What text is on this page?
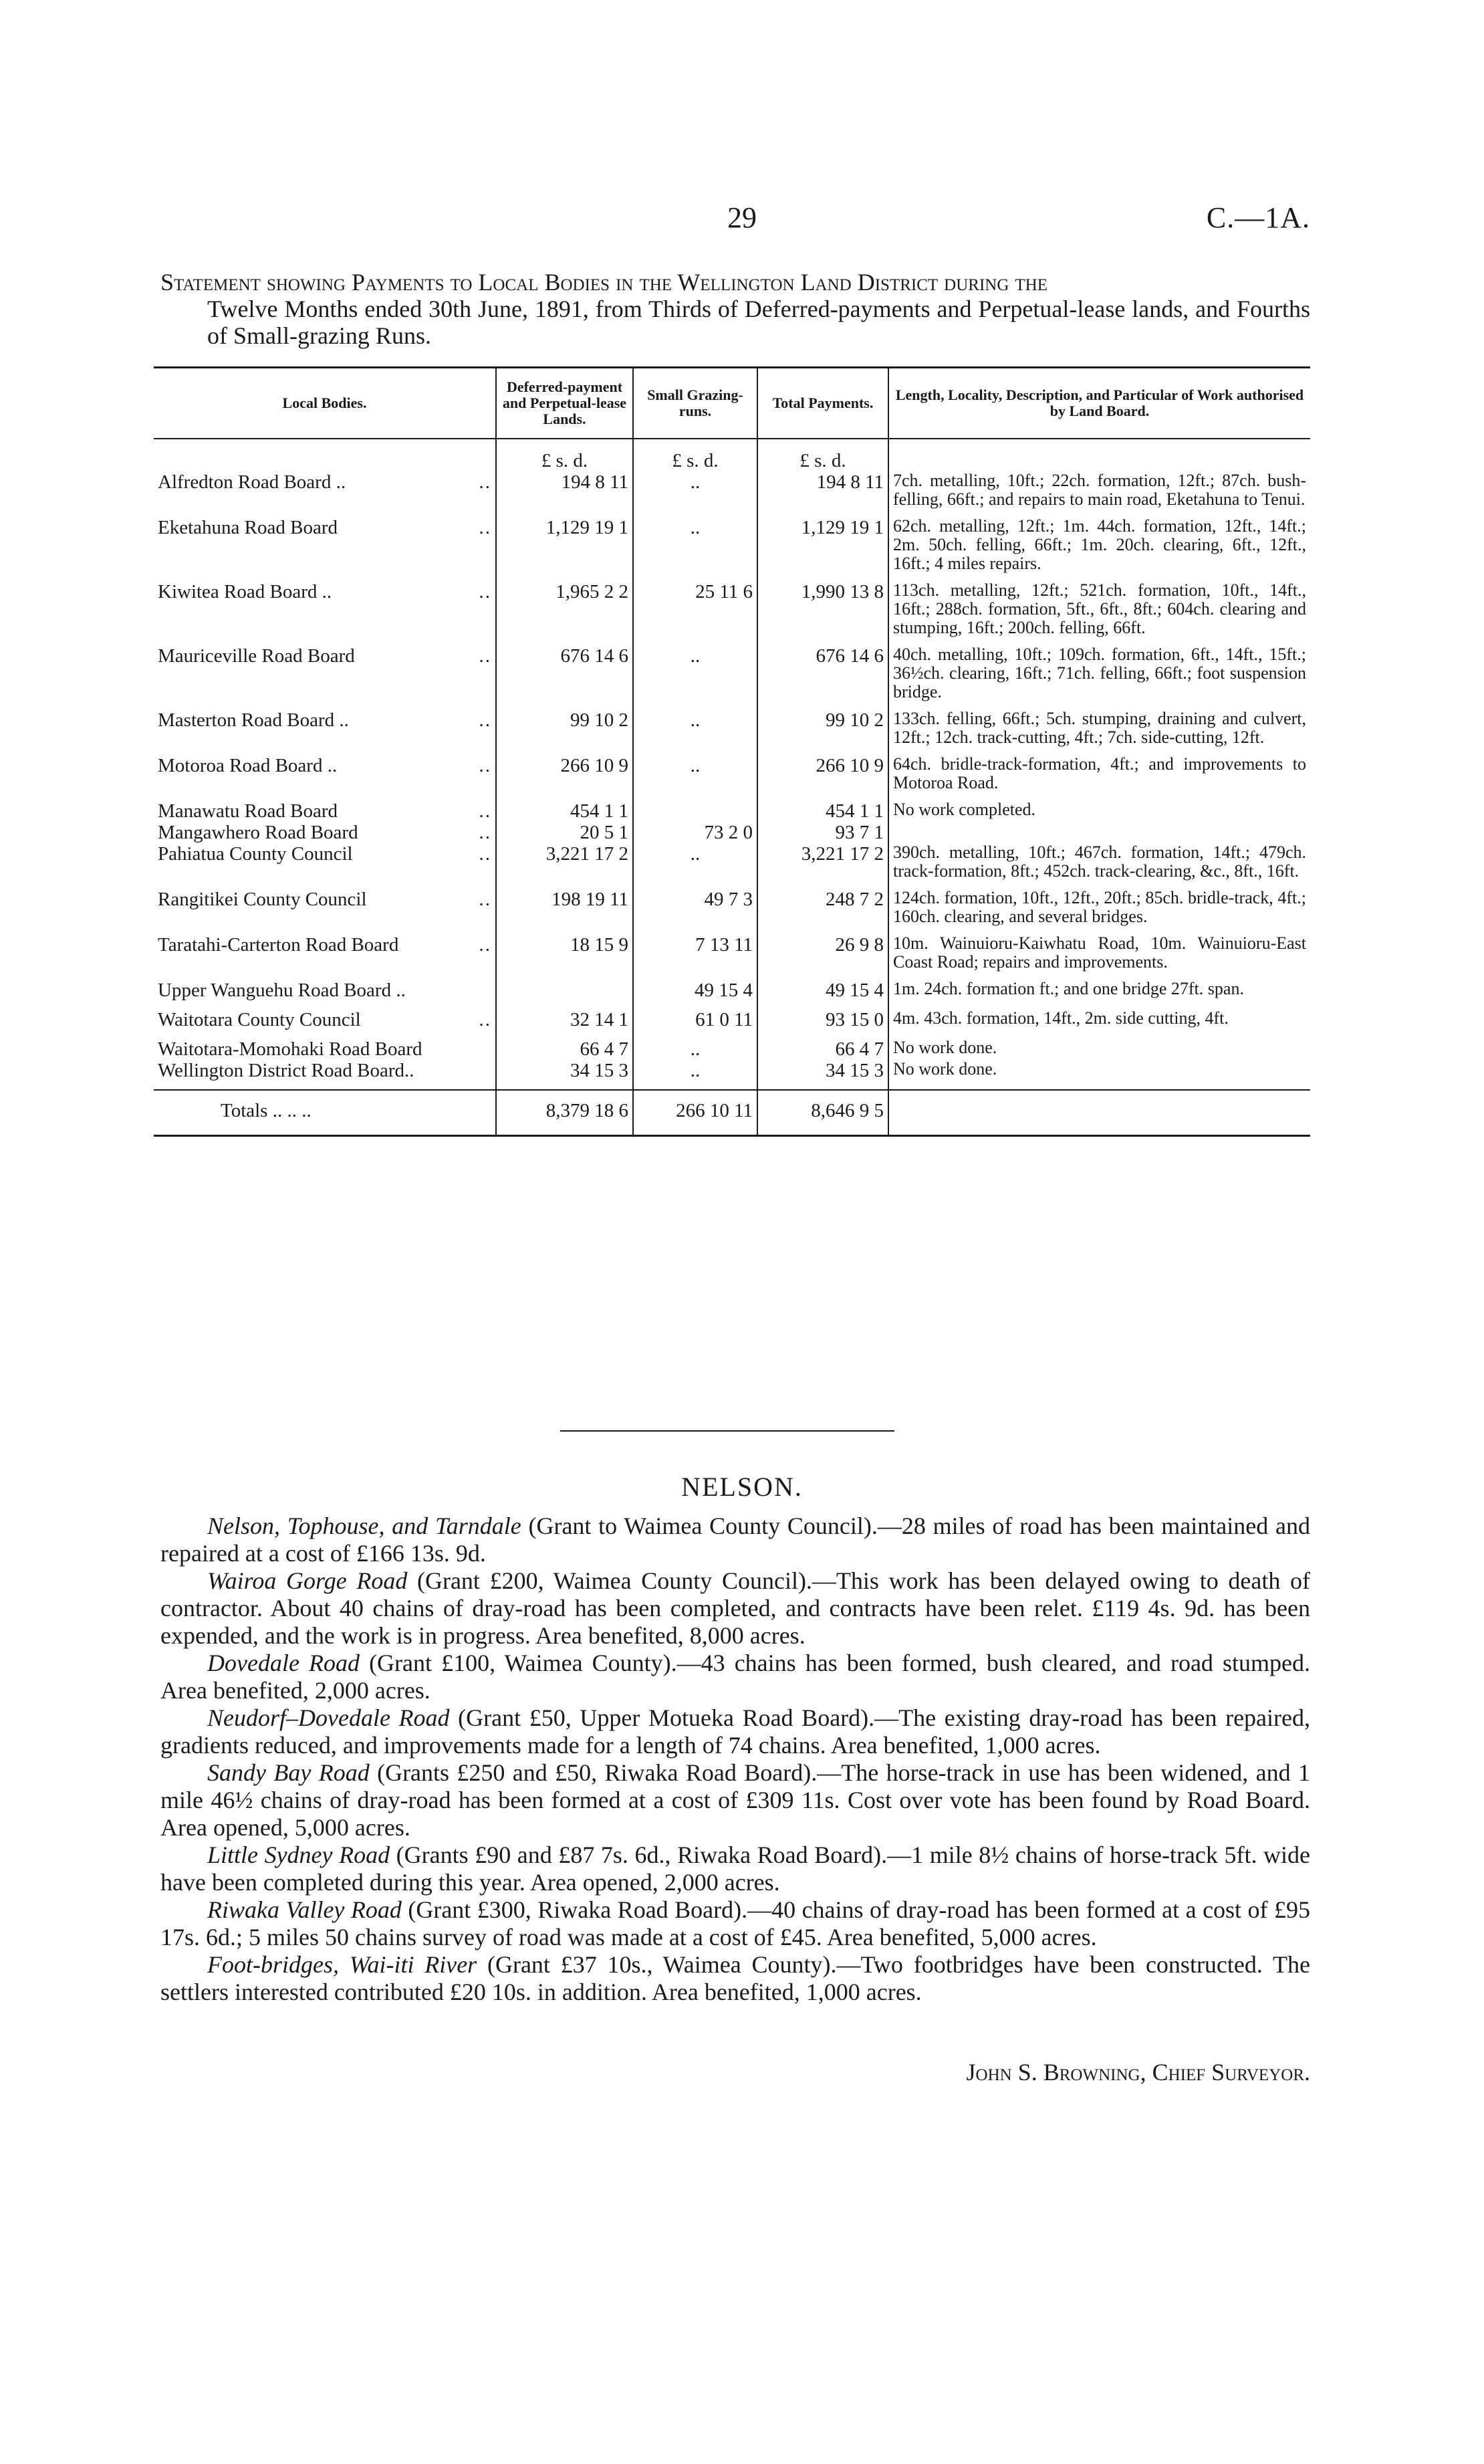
29	C.—1A.
Statement showing Payments to Local Bodies in the Wellington Land District during the
Twelve Months ended 30th June, 1891, from Thirds of Deferred-payments and Perpetual-lease lands, and Fourths of Small-grazing Runs.
Local Bodies.	Deferred-payment and Perpetual-lease Lands.	Small Grazing-runs.	Total Payments.	Length, Locality, Description, and Particular of Work authorised by Land Board.
	£ s. d.	£ s. d.	£ s. d.	
Alfredton Road Board .. ..	194 8 11	..	194 8 11	7ch. metalling, 10ft.; 22ch. formation, 12ft.; 87ch. bush-felling, 66ft.; and repairs to main road, Eketahuna to Tenui.
Eketahuna Road Board ..	1,129 19 1	..	1,129 19 1	62ch. metalling, 12ft.; 1m. 44ch. formation, 12ft., 14ft.; 2m. 50ch. felling, 66ft.; 1m. 20ch. clearing, 6ft., 12ft., 16ft.; 4 miles repairs.
Kiwitea Road Board .. ..	1,965 2 2	25 11 6	1,990 13 8	113ch. metalling, 12ft.; 521ch. formation, 10ft., 14ft., 16ft.; 288ch. formation, 5ft., 6ft., 8ft.; 604ch. clearing and stumping, 16ft.; 200ch. felling, 66ft.
Mauriceville Road Board ..	676 14 6	..	676 14 6	40ch. metalling, 10ft.; 109ch. formation, 6ft., 14ft., 15ft.; 36½ch. clearing, 16ft.; 71ch. felling, 66ft.; foot suspension bridge.
Masterton Road Board .. ..	99 10 2	..	99 10 2	133ch. felling, 66ft.; 5ch. stumping, draining and culvert, 12ft.; 12ch. track-cutting, 4ft.; 7ch. side-cutting, 12ft.
Motoroa Road Board .. ..	266 10 9	..	266 10 9	64ch. bridle-track-formation, 4ft.; and improvements to Motoroa Road.
Manawatu Road Board ..	454 1 1		454 1 1	No work completed.
Mangawhero Road Board ..	20 5 1	73 2 0	93 7 1	
Pahiatua County Council ..	3,221 17 2	..	3,221 17 2	390ch. metalling, 10ft.; 467ch. formation, 14ft.; 479ch. track-formation, 8ft.; 452ch. track-clearing, &c., 8ft., 16ft.
Rangitikei County Council ..	198 19 11	49 7 3	248 7 2	124ch. formation, 10ft., 12ft., 20ft.; 85ch. bridle-track, 4ft.; 160ch. clearing, and several bridges.
Taratahi-Carterton Road Board ..	18 15 9	7 13 11	26 9 8	10m. Wainuioru-Kaiwhatu Road, 10m. Wainuioru-East Coast Road; repairs and improvements.
Upper Wanguehu Road Board ..		49 15 4	49 15 4	1m. 24ch. formation ft.; and one bridge 27ft. span.
Waitotara County Council ..	32 14 1	61 0 11	93 15 0	4m. 43ch. formation, 14ft., 2m. side cutting, 4ft.
Waitotara-Momohaki Road Board	66 4 7	..	66 4 7	No work done.
Wellington District Road Board..	34 15 3	..	34 15 3	No work done.
Totals .. .. ..	8,379 18 6	266 10 11	8,646 9 5	
NELSON.

Nelson, Tophouse, and Tarndale (Grant to Waimea County Council).—28 miles of road has been maintained and repaired at a cost of £166 13s. 9d.

Wairoa Gorge Road (Grant £200, Waimea County Council).—This work has been delayed owing to death of contractor. About 40 chains of dray-road has been completed, and contracts have been relet. £119 4s. 9d. has been expended, and the work is in progress. Area benefited, 8,000 acres.

Dovedale Road (Grant £100, Waimea County).—43 chains has been formed, bush cleared, and road stumped. Area benefited, 2,000 acres.

Neudorf–Dovedale Road (Grant £50, Upper Motueka Road Board).—The existing dray-road has been repaired, gradients reduced, and improvements made for a length of 74 chains. Area benefited, 1,000 acres.

Sandy Bay Road (Grants £250 and £50, Riwaka Road Board).—The horse-track in use has been widened, and 1 mile 46½ chains of dray-road has been formed at a cost of £309 11s. Cost over vote has been found by Road Board. Area opened, 5,000 acres.

Little Sydney Road (Grants £90 and £87 7s. 6d., Riwaka Road Board).—1 mile 8½ chains of horse-track 5ft. wide have been completed during this year. Area opened, 2,000 acres.

Riwaka Valley Road (Grant £300, Riwaka Road Board).—40 chains of dray-road has been formed at a cost of £95 17s. 6d.; 5 miles 50 chains survey of road was made at a cost of £45. Area benefited, 5,000 acres.

Foot-bridges, Wai-iti River (Grant £37 10s., Waimea County).—Two footbridges have been constructed. The settlers interested contributed £20 10s. in addition. Area benefited, 1,000 acres.

John S. Browning, Chief Surveyor.
